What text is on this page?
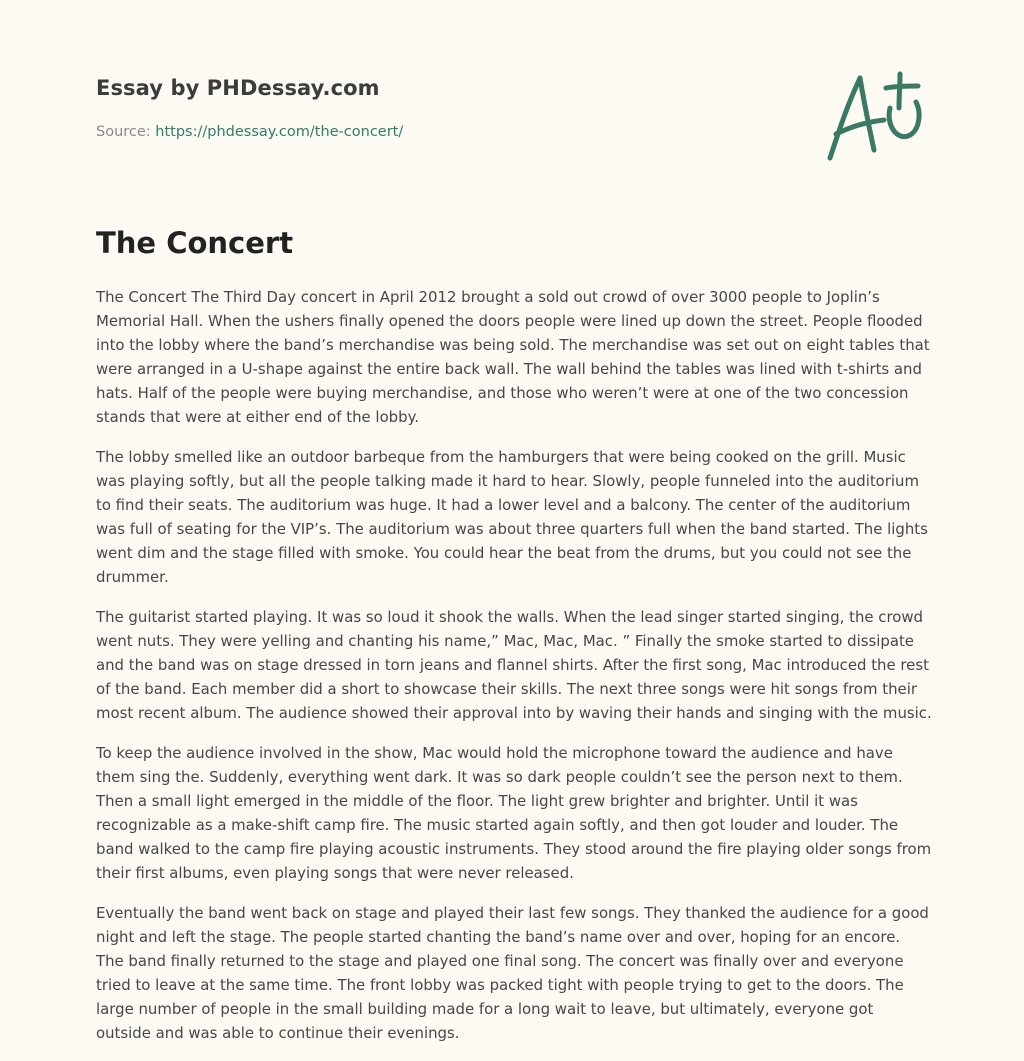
Essay by PHDessay.com
Source: https://phdessay.com/the-concert/
The Concert

The Concert The Third Day concert in April 2012 brought a sold out crowd of over 3000 people to Joplin’s Memorial Hall. When the ushers finally opened the doors people were lined up down the street. People flooded into the lobby where the band’s merchandise was being sold. The merchandise was set out on eight tables that were arranged in a U-shape against the entire back wall. The wall behind the tables was lined with t-shirts and hats. Half of the people were buying merchandise, and those who weren’t were at one of the two concession stands that were at either end of the lobby.

The lobby smelled like an outdoor barbeque from the hamburgers that were being cooked on the grill. Music was playing softly, but all the people talking made it hard to hear. Slowly, people funneled into the auditorium to find their seats. The auditorium was huge. It had a lower level and a balcony. The center of the auditorium was full of seating for the VIP’s. The auditorium was about three quarters full when the band started. The lights went dim and the stage filled with smoke. You could hear the beat from the drums, but you could not see the drummer.

The guitarist started playing. It was so loud it shook the walls. When the lead singer started singing, the crowd went nuts. They were yelling and chanting his name,” Mac, Mac, Mac. ” Finally the smoke started to dissipate and the band was on stage dressed in torn jeans and flannel shirts. After the first song, Mac introduced the rest of the band. Each member did a short to showcase their skills. The next three songs were hit songs from their most recent album. The audience showed their approval into by waving their hands and singing with the music.

To keep the audience involved in the show, Mac would hold the microphone toward the audience and have them sing the. Suddenly, everything went dark. It was so dark people couldn’t see the person next to them. Then a small light emerged in the middle of the floor. The light grew brighter and brighter. Until it was recognizable as a make-shift camp fire. The music started again softly, and then got louder and louder. The band walked to the camp fire playing acoustic instruments. They stood around the fire playing older songs from their first albums, even playing songs that were never released.

Eventually the band went back on stage and played their last few songs. They thanked the audience for a good night and left the stage. The people started chanting the band’s name over and over, hoping for an encore. The band finally returned to the stage and played one final song. The concert was finally over and everyone tried to leave at the same time. The front lobby was packed tight with people trying to get to the doors. The large number of people in the small building made for a long wait to leave, but ultimately, everyone got outside and was able to continue their evenings.
